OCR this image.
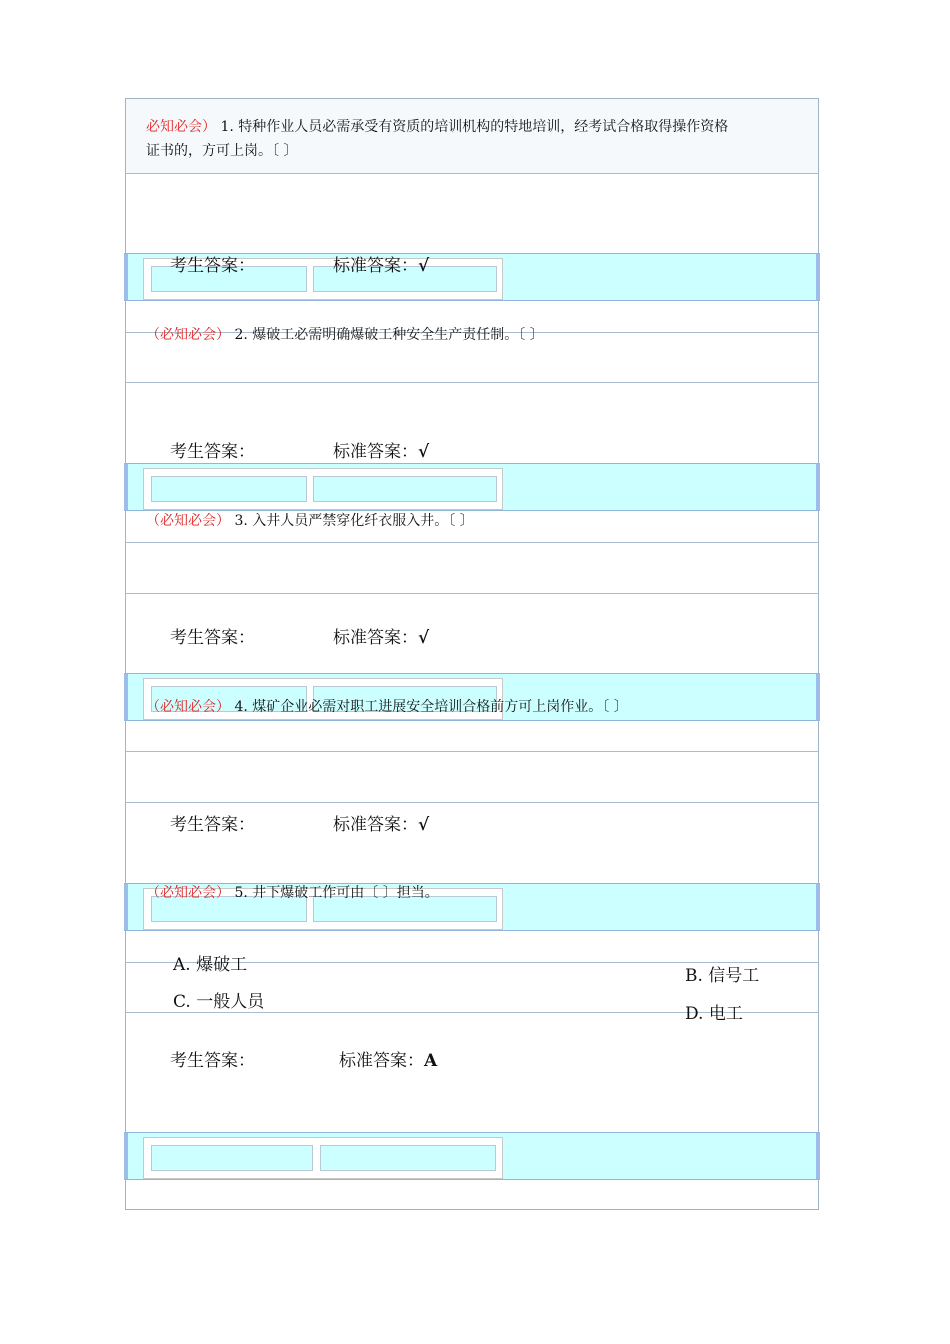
必知必会） 1. 特种作业人员必需承受有资质的培训机构的特地培训，经考试合格取得操作资格
证书的，方可上岗。〔 〕
考生答案：	标准答案：√
（必知必会） 2. 爆破工必需明确爆破工种安全生产责任制。〔 〕
考生答案：	标准答案：√
（必知必会） 3. 入井人员严禁穿化纤衣服入井。〔 〕
考生答案：	标准答案：√
（必知必会） 4. 煤矿企业必需对职工进展安全培训合格前方可上岗作业。〔 〕
考生答案：	标准答案：√
（必知必会） 5. 井下爆破工作可由〔 〕担当。
A. 爆破工
B. 信号工
C. 一般人员
D. 电工
考生答案：	标准答案：A
